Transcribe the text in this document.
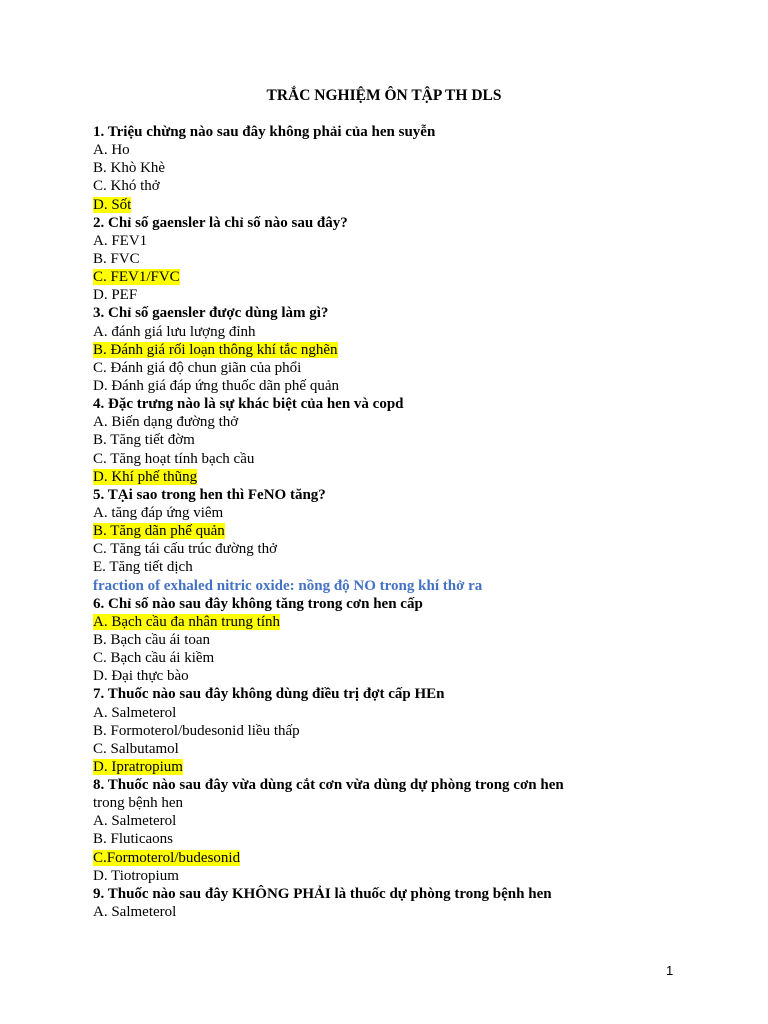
TRẮC NGHIỆM ÔN TẬP TH DLS
1. Triệu chừng nào sau đây không phải của hen suyễn
A. Ho
B. Khò Khè
C. Khó thở
D. Sốt
2. Chỉ số gaensler là chỉ số nào sau đây?
A. FEV1
B. FVC
C. FEV1/FVC
D. PEF
3. Chỉ số gaensler được dùng làm gì?
A. đánh giá lưu lượng đỉnh
B. Đánh giá rối loạn thông khí tắc nghẽn
C. Đánh giá độ chun giãn của phổi
D. Đánh giá đáp ứng thuốc dãn phế quản
4. Đặc trưng nào là sự khác biệt của hen và copd
A. Biến dạng đường thở
B. Tăng tiết đờm
C. Tăng hoạt tính bạch cầu
D. Khí phế thũng
5. TẠi sao trong hen thì FeNO tăng?
A. tăng đáp ứng viêm
B. Tăng dãn phế quản
C. Tăng tái cấu trúc đường thở
E. Tăng tiết dịch
fraction of exhaled nitric oxide: nồng độ NO trong khí thở ra
6. Chỉ số nào sau đây không tăng trong cơn hen cấp
A. Bạch cầu đa nhân trung tính
B. Bạch cầu ái toan
C. Bạch cầu ái kiềm
D. Đại thực bào
7. Thuốc nào sau đây không dùng điều trị đợt cấp HEn
A. Salmeterol
B. Formoterol/budesonid liều thấp
C. Salbutamol
D. Ipratropium
8. Thuốc nào sau đây vừa dùng cắt cơn vừa dùng dự phòng trong cơn hen
trong bệnh hen
A. Salmeterol
B. Fluticaons
C.Formoterol/budesonid
D. Tiotropium
9. Thuốc nào sau đây KHÔNG PHẢI là thuốc dự phòng trong bệnh hen
A. Salmeterol
1
